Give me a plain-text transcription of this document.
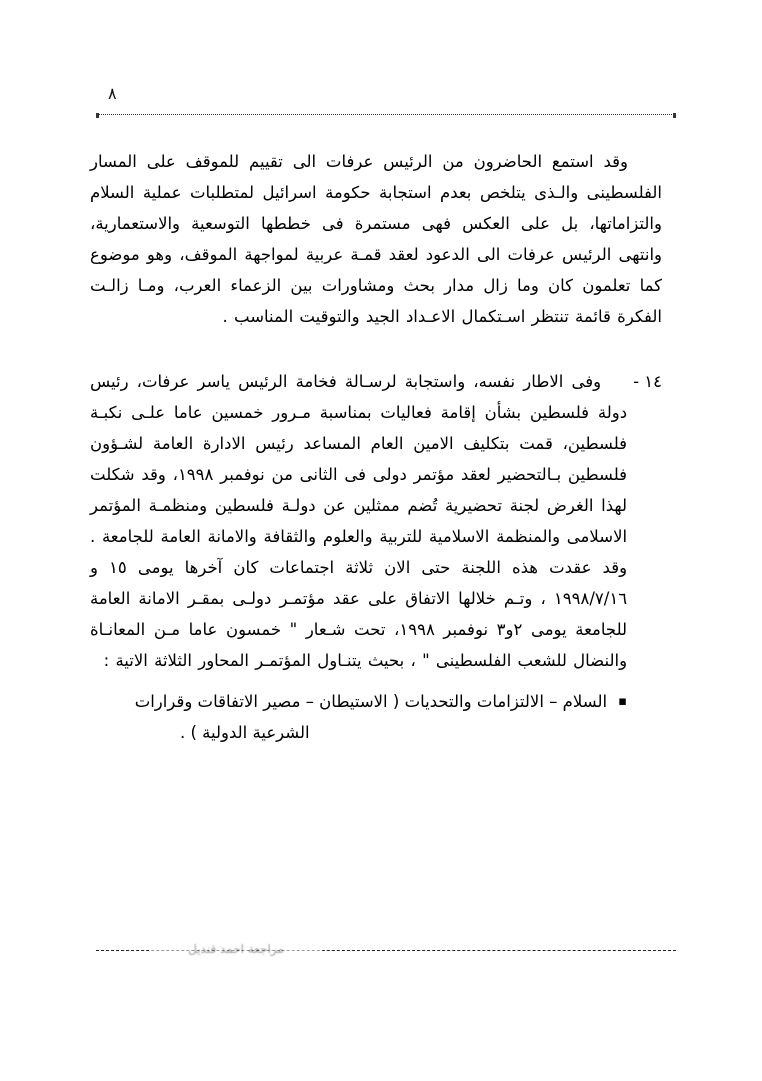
٨

وقد استمع الحاضرون من الرئيس عرفات الى تقييم للموقف على المسار الفلسطينى والـذى يتلخص بعدم استجابة حكومة اسرائيل لمتطلبات عملية السلام والتزاماتها، بل على العكس فهى مستمرة فى خططها التوسعية والاستعمارية، وانتهى الرئيس عرفات الى الدعود لعقد قمـة عربية لمواجهة الموقف، وهو موضوع كما تعلمون كان وما زال مدار بحث ومشاورات بين الزعماء العرب، ومـا زالـت الفكرة قائمة تنتظر اسـتكمال الاعـداد الجيد والتوقيت المناسب .

١٤ -

وفى الاطار نفسه، واستجابة لرسـالة فخامة الرئيس ياسر عرفات، رئيس دولة فلسطين بشأن إقامة فعاليات بمناسبة مـرور خمسين عاما علـى نكبـة فلسطين، قمت بتكليف الامين العام المساعد رئيس الادارة العامة لشـؤون فلسطين بـالتحضير لعقد مؤتمر دولى فى الثانى من نوفمبر ١٩٩٨، وقد شكلت لهذا الغرض لجنة تحضيرية تُضم ممثلين عن دولـة فلسطين ومنظمـة المؤتمر الاسلامى والمنظمة الاسلامية للتربية والعلوم والثقافة والامانة العامة للجامعة . وقد عقدت هذه اللجنة حتى الان ثلاثة اجتماعات كان آخرها يومى ١٥ و ١٩٩٨/٧/١٦ ، وتـم خلالها الاتفاق على عقد مؤتمـر دولـى بمقـر الامانة العامة للجامعة يومى ٢و٣ نوفمبر ١٩٩٨، تحت شـعار " خمسون عاما مـن المعانـاة والنضال للشعب الفلسطينى " ، بحيث يتنـاول المؤتمـر المحاور الثلاثة الاتية :

▪ السلام – الالتزامات والتحديات ( الاستيطان – مصير الاتفاقات وقرارات
الشرعية الدولية ) .
مراجعة احمد قنديل
